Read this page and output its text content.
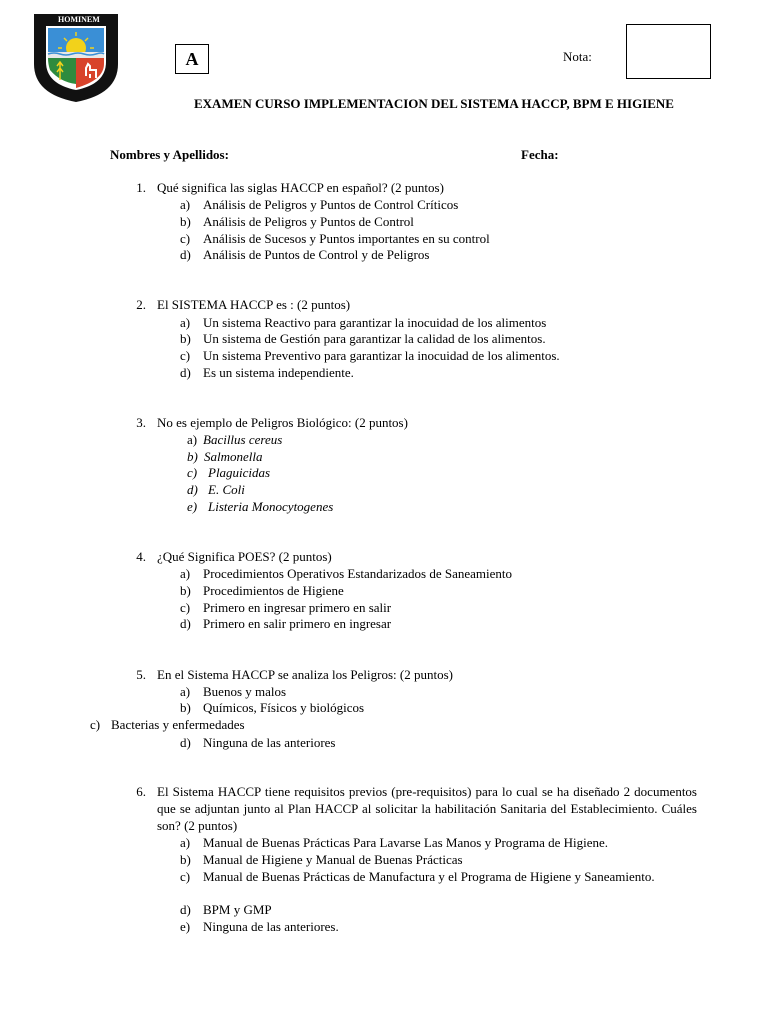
HOMINEM
A	Nota:
EXAMEN CURSO IMPLEMENTACION DEL SISTEMA HACCP, BPM E HIGIENE
Nombres y Apellidos:	Fecha:
1. Qué significa las siglas HACCP en español? (2 puntos)
a) Análisis de Peligros y Puntos de Control Críticos
b) Análisis de Peligros y Puntos de Control
c) Análisis de Sucesos y Puntos importantes en su control
d) Análisis de Puntos de Control y de Peligros
2. El SISTEMA HACCP es : (2 puntos)
a) Un sistema Reactivo para garantizar la inocuidad de los alimentos
b) Un sistema de Gestión para garantizar la calidad de los alimentos.
c) Un sistema Preventivo para garantizar la inocuidad de los alimentos.
d) Es un sistema independiente.
3. No es ejemplo de Peligros Biológico: (2 puntos)
a) Bacillus cereus
b) Salmonella
c) Plaguicidas
d) E. Coli
e) Listeria Monocytogenes
4. ¿Qué Significa POES? (2 puntos)
a) Procedimientos Operativos Estandarizados de Saneamiento
b) Procedimientos de Higiene
c) Primero en ingresar primero en salir
d) Primero en salir primero en ingresar
5. En el Sistema HACCP se analiza los Peligros: (2 puntos)
a) Buenos y malos
b) Químicos, Físicos y biológicos
c) Bacterias y enfermedades
d) Ninguna de las anteriores
6. El Sistema HACCP tiene requisitos previos (pre-requisitos) para lo cual se ha diseñado 2 documentos que se adjuntan junto al Plan HACCP al solicitar la habilitación Sanitaria del Establecimiento. Cuáles son? (2 puntos)
a) Manual de Buenas Prácticas Para Lavarse Las Manos y Programa de Higiene.
b) Manual de Higiene y Manual de Buenas Prácticas
c) Manual de Buenas Prácticas de Manufactura y el Programa de Higiene y Saneamiento.
d) BPM y GMP
e) Ninguna de las anteriores.
